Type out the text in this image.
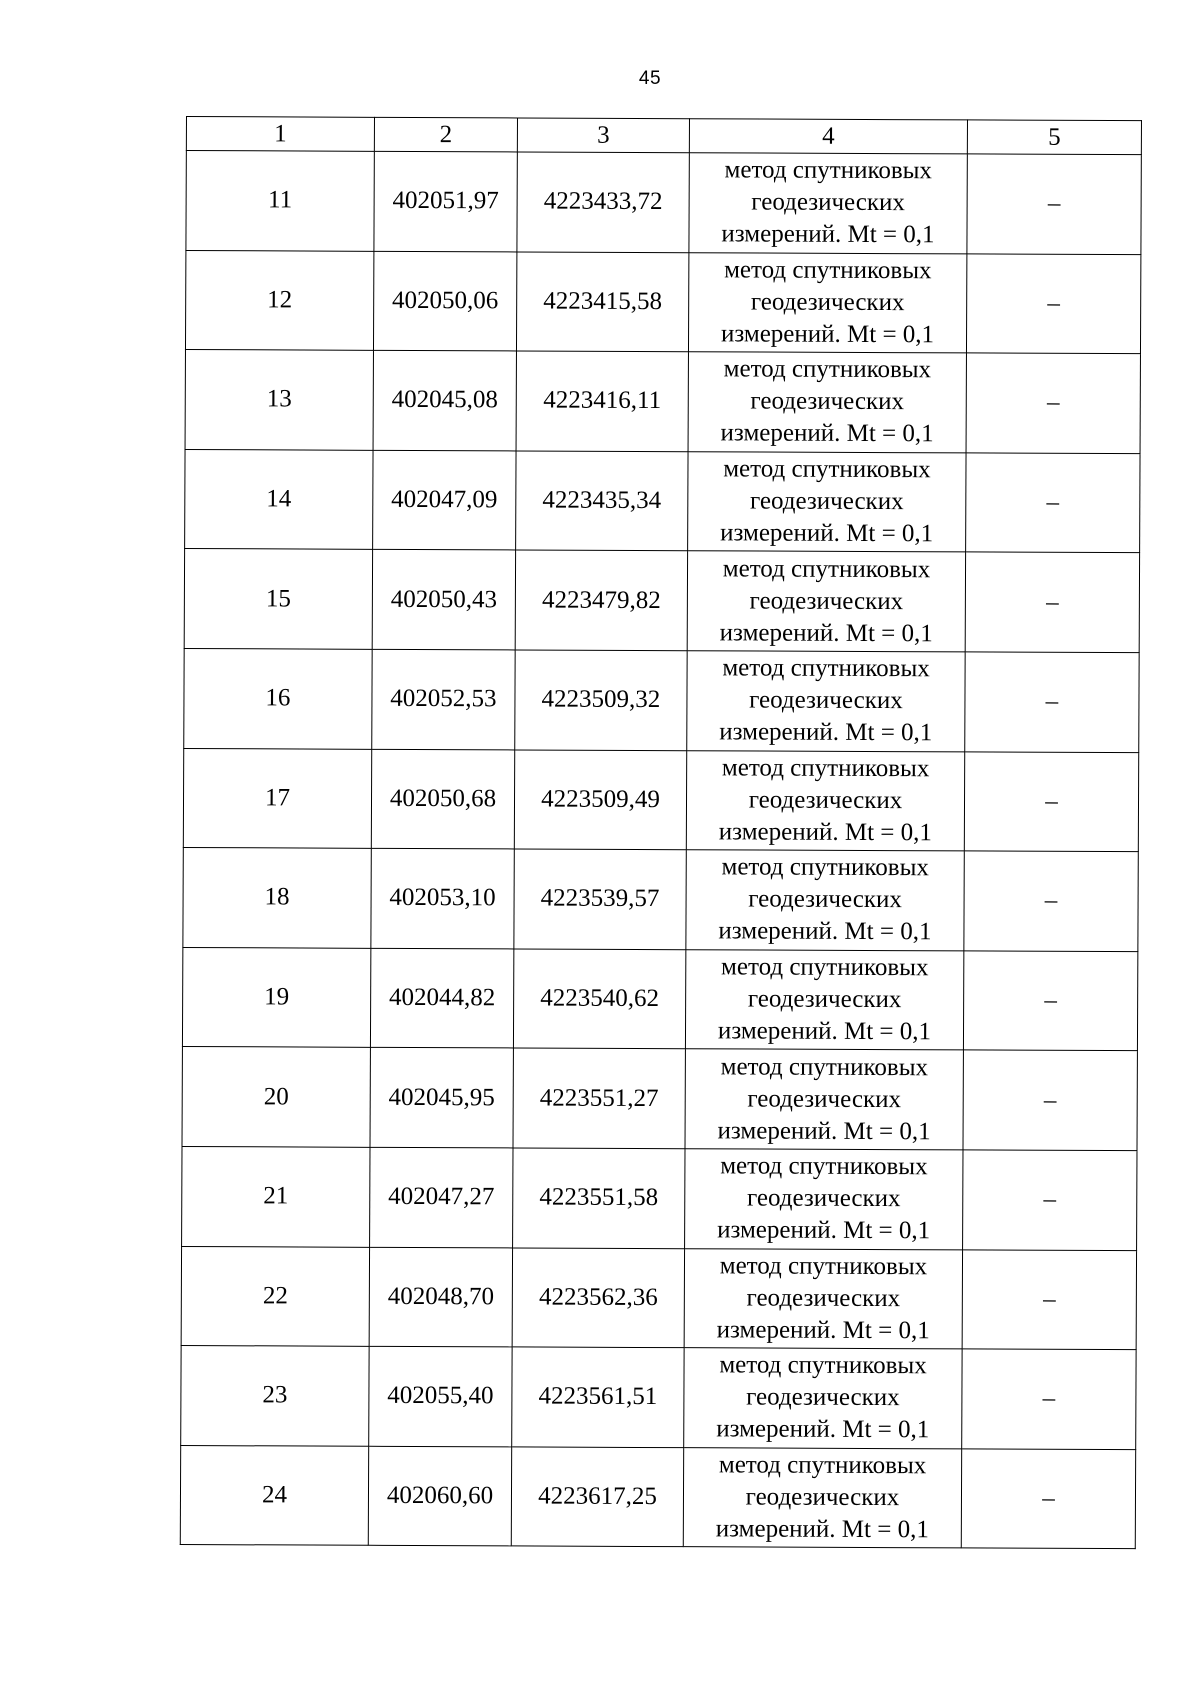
45
1	2	3	4	5
11	402051,97	4223433,72	метод спутниковых геодезических измерений. Mt = 0,1	–
12	402050,06	4223415,58	метод спутниковых геодезических измерений. Mt = 0,1	–
13	402045,08	4223416,11	метод спутниковых геодезических измерений. Mt = 0,1	–
14	402047,09	4223435,34	метод спутниковых геодезических измерений. Mt = 0,1	–
15	402050,43	4223479,82	метод спутниковых геодезических измерений. Mt = 0,1	–
16	402052,53	4223509,32	метод спутниковых геодезических измерений. Mt = 0,1	–
17	402050,68	4223509,49	метод спутниковых геодезических измерений. Mt = 0,1	–
18	402053,10	4223539,57	метод спутниковых геодезических измерений. Mt = 0,1	–
19	402044,82	4223540,62	метод спутниковых геодезических измерений. Mt = 0,1	–
20	402045,95	4223551,27	метод спутниковых геодезических измерений. Mt = 0,1	–
21	402047,27	4223551,58	метод спутниковых геодезических измерений. Mt = 0,1	–
22	402048,70	4223562,36	метод спутниковых геодезических измерений. Mt = 0,1	–
23	402055,40	4223561,51	метод спутниковых геодезических измерений. Mt = 0,1	–
24	402060,60	4223617,25	метод спутниковых геодезических измерений. Mt = 0,1	–
